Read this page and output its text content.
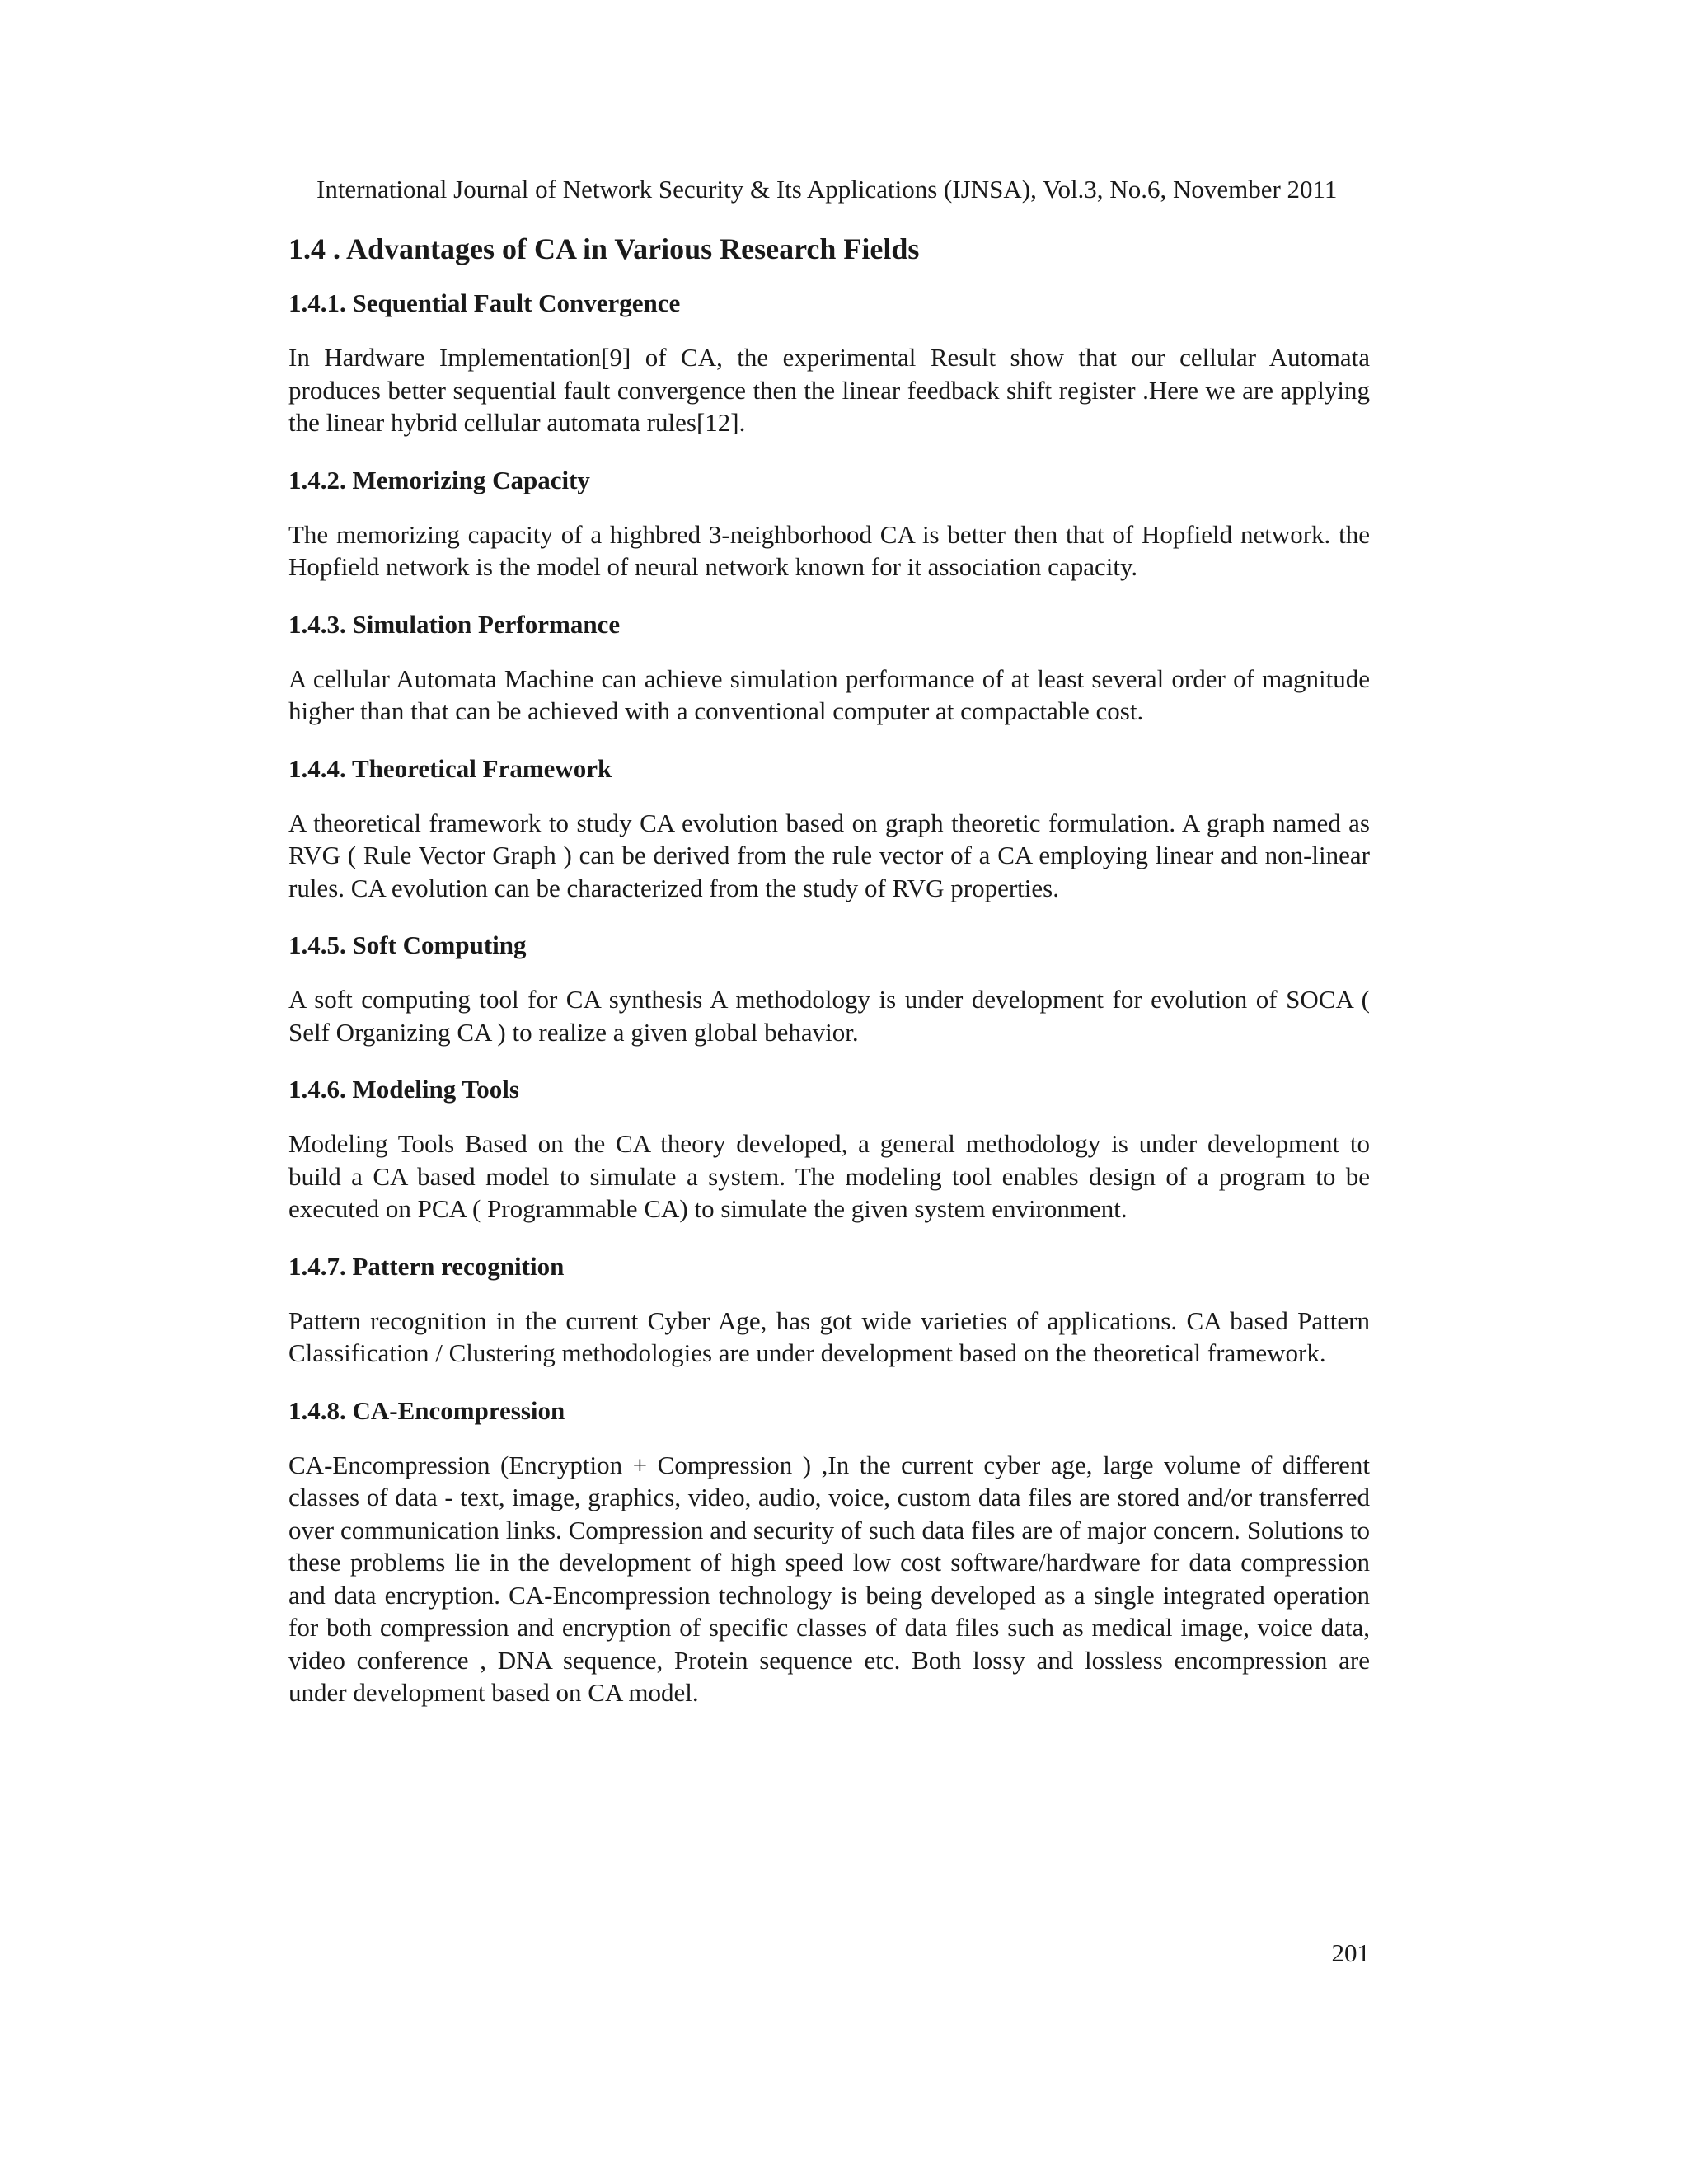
International Journal of Network Security & Its Applications (IJNSA), Vol.3, No.6, November 2011
1.4 . Advantages of CA in Various Research Fields
1.4.1. Sequential Fault Convergence
In Hardware Implementation[9] of CA, the experimental Result show that our cellular Automata produces better sequential fault convergence then the linear feedback shift register .Here we are applying the linear hybrid cellular automata rules[12].
1.4.2. Memorizing Capacity
The memorizing capacity of a highbred 3-neighborhood CA is better then that of Hopfield network. the Hopfield network is the model of neural network known for it association capacity.
1.4.3. Simulation Performance
A cellular Automata Machine can achieve simulation performance of at least several order of magnitude higher than that can be achieved with a conventional computer at compactable cost.
1.4.4. Theoretical Framework
A theoretical framework to study CA evolution based on graph theoretic formulation. A graph named as RVG ( Rule Vector Graph ) can be derived from the rule vector of a CA employing linear and non-linear rules. CA evolution can be characterized from the study of RVG properties.
1.4.5. Soft Computing
A soft computing tool for CA synthesis A methodology is under development for evolution of SOCA ( Self Organizing CA ) to realize a given global behavior.
1.4.6. Modeling Tools
Modeling Tools Based on the CA theory developed, a general methodology is under development to build a CA based model to simulate a system. The modeling tool enables design of a program to be executed on PCA ( Programmable CA) to simulate the given system environment.
1.4.7. Pattern recognition
Pattern recognition in the current Cyber Age, has got wide varieties of applications. CA based Pattern Classification / Clustering methodologies are under development based on the theoretical framework.
1.4.8. CA-Encompression
CA-Encompression (Encryption + Compression ) ,In the current cyber age, large volume of different classes of data - text, image, graphics, video, audio, voice, custom data files are stored and/or transferred over communication links. Compression and security of such data files are of major concern. Solutions to these problems lie in the development of high speed low cost software/hardware for data compression and data encryption. CA-Encompression technology is being developed as a single integrated operation for both compression and encryption of specific classes of data files such as medical image, voice data, video conference , DNA sequence, Protein sequence etc. Both lossy and lossless encompression are under development based on CA model.
201
